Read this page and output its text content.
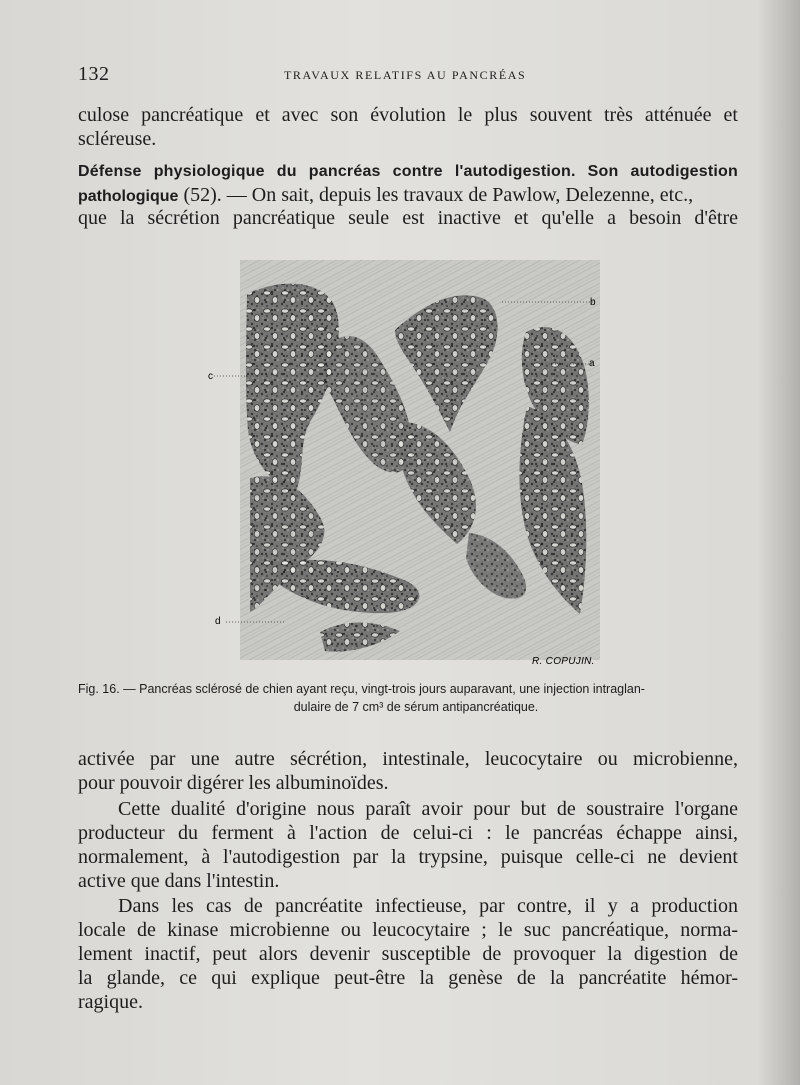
132	TRAVAUX RELATIFS AU PANCRÉAS
culose pancréatique et avec son évolution le plus souvent très atténuée et
scléreuse.
Défense physiologique du pancréas contre l'autodigestion. Son autodigestion
pathologique (52). — On sait, depuis les travaux de Pawlow, Delezenne, etc.,
que la sécrétion pancréatique seule est inactive et qu'elle a besoin d'être
c
b
a
d
R. COPUJIN.
Fig. 16. — Pancréas sclérosé de chien ayant reçu, vingt-trois jours auparavant, une injection intraglan-
dulaire de 7 cm³ de sérum antipancréatique.
activée par une autre sécrétion, intestinale, leucocytaire ou microbienne,
pour pouvoir digérer les albuminoïdes.
Cette dualité d'origine nous paraît avoir pour but de soustraire l'organe
producteur du ferment à l'action de celui-ci : le pancréas échappe ainsi,
normalement, à l'autodigestion par la trypsine, puisque celle-ci ne devient
active que dans l'intestin.
Dans les cas de pancréatite infectieuse, par contre, il y a production
locale de kinase microbienne ou leucocytaire ; le suc pancréatique, norma-
lement inactif, peut alors devenir susceptible de provoquer la digestion de
la glande, ce qui explique peut-être la genèse de la pancréatite hémor-
ragique.
